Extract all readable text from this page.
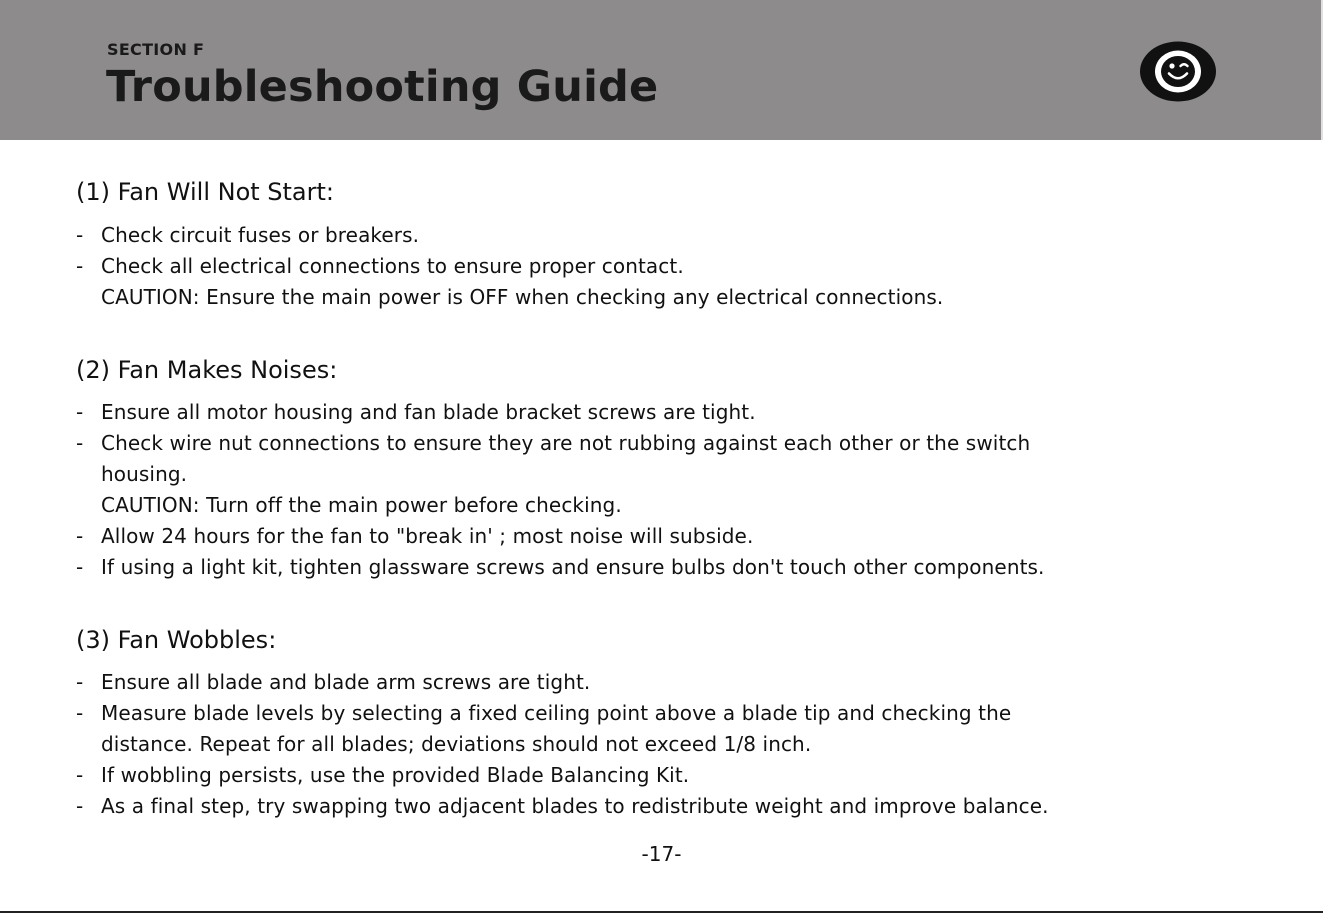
SECTION F
Troubleshooting Guide
(1) Fan Will Not Start:
- Check circuit fuses or breakers.
- Check all electrical connections to ensure proper contact.
CAUTION: Ensure the main power is OFF when checking any electrical connections.
(2) Fan Makes Noises:
- Ensure all motor housing and fan blade bracket screws are tight.
- Check wire nut connections to ensure they are not rubbing against each other or the switch
housing.
CAUTION: Turn off the main power before checking.
- Allow 24 hours for the fan to "break in' ; most noise will subside.
- If using a light kit, tighten glassware screws and ensure bulbs don't touch other components.
(3) Fan Wobbles:
- Ensure all blade and blade arm screws are tight.
- Measure blade levels by selecting a fixed ceiling point above a blade tip and checking the
distance. Repeat for all blades; deviations should not exceed 1/8 inch.
- If wobbling persists, use the provided Blade Balancing Kit.
- As a final step, try swapping two adjacent blades to redistribute weight and improve balance.
-17-
